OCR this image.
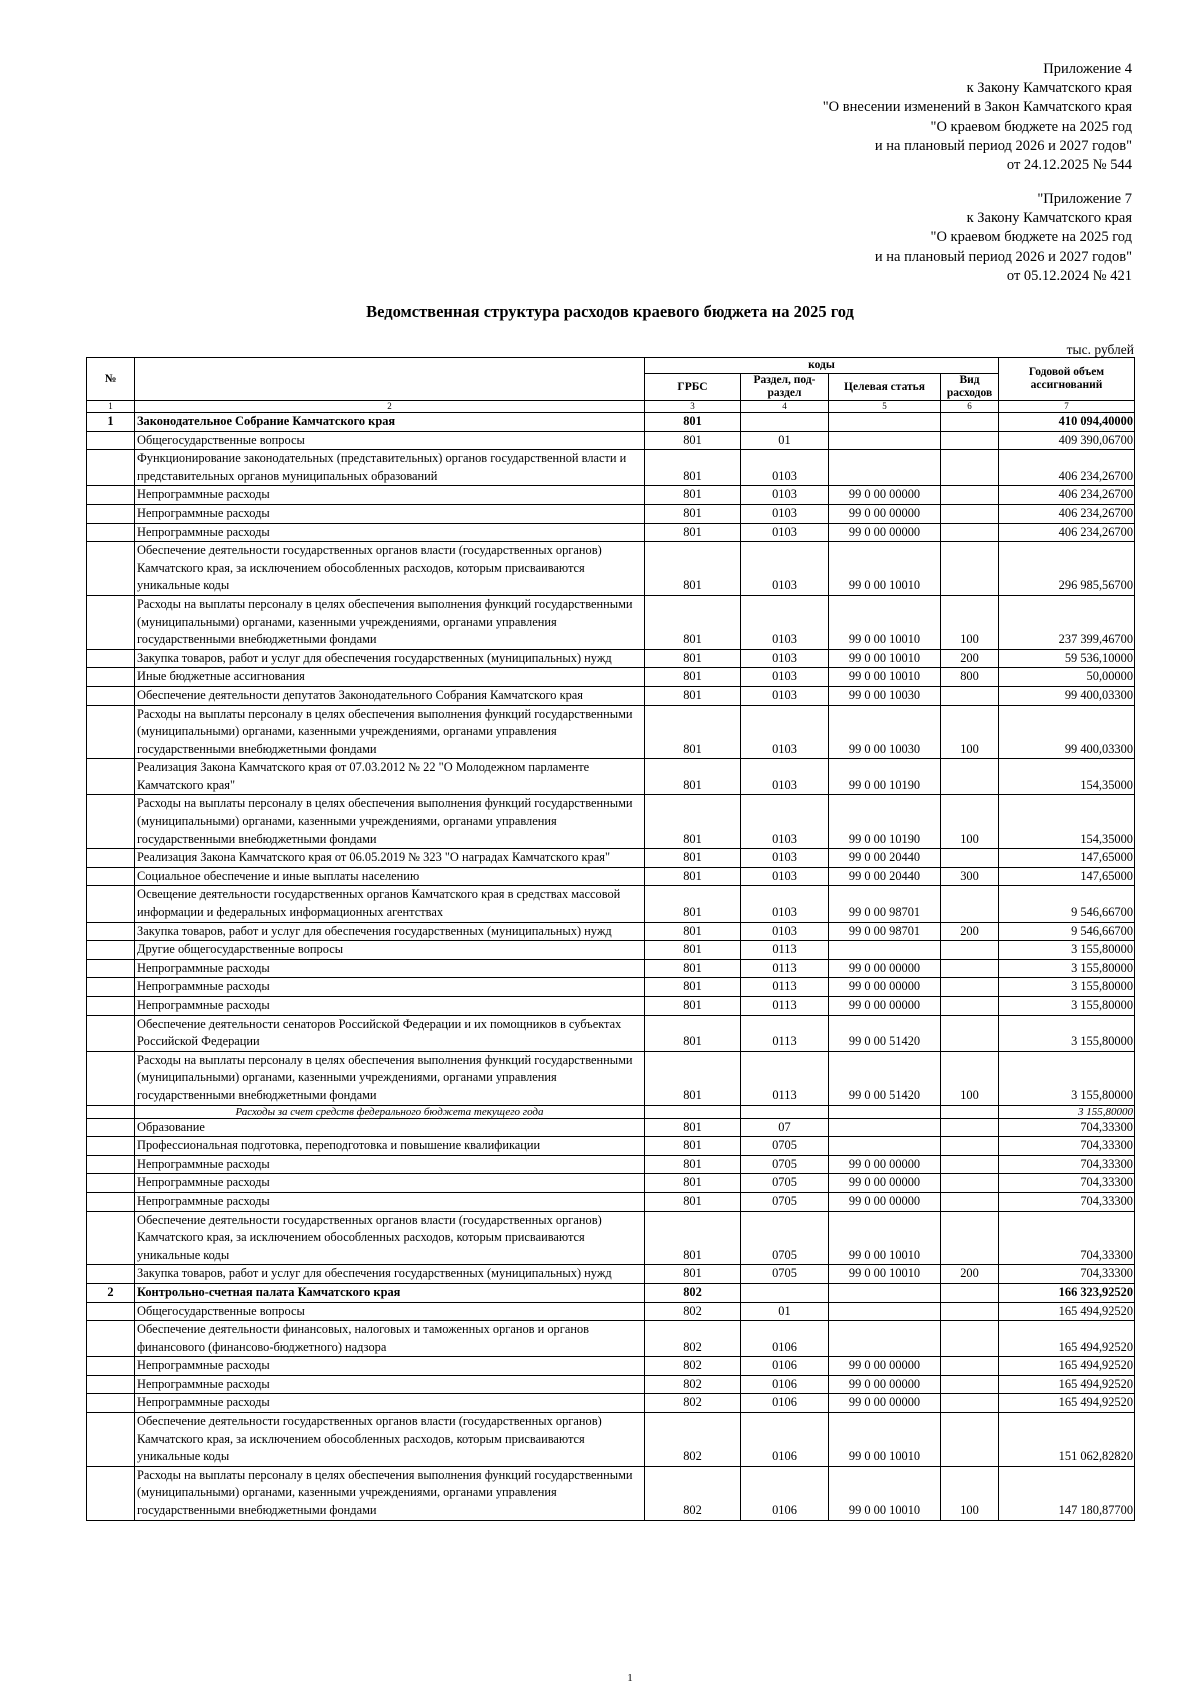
Приложение 4
к Закону Камчатского края
"О внесении изменений в Закон Камчатского края
"О краевом бюджете на 2025 год
и на плановый период 2026 и 2027 годов"
от 24.12.2025 № 544
"Приложение 7
к Закону Камчатского края
"О краевом бюджете на 2025 год
и на плановый период 2026 и 2027 годов"
от 05.12.2024 № 421
Ведомственная структура расходов краевого бюджета на 2025 год
тыс. рублей
№		коды				Годовой объем ассигнований
		ГРБС	Раздел, под-раздел	Целевая статья	Вид расходов	
1	2	3	4	5	6	7
1	Законодательное Собрание Камчатского края	801				410 094,40000
	Общегосударственные вопросы	801	01			409 390,06700
	Функционирование законодательных (представительных) органов государственной власти и представительных органов муниципальных образований	801	0103			406 234,26700
	Непрограммные расходы	801	0103	99 0 00 00000		406 234,26700
	Непрограммные расходы	801	0103	99 0 00 00000		406 234,26700
	Непрограммные расходы	801	0103	99 0 00 00000		406 234,26700
	Обеспечение деятельности государственных органов власти (государственных органов) Камчатского края, за исключением обособленных расходов, которым присваиваются уникальные коды	801	0103	99 0 00 10010		296 985,56700
	Расходы на выплаты персоналу в целях обеспечения выполнения функций государственными (муниципальными) органами, казенными учреждениями, органами управления государственными внебюджетными фондами	801	0103	99 0 00 10010	100	237 399,46700
	Закупка товаров, работ и услуг для обеспечения государственных (муниципальных) нужд	801	0103	99 0 00 10010	200	59 536,10000
	Иные бюджетные ассигнования	801	0103	99 0 00 10010	800	50,00000
	Обеспечение деятельности депутатов Законодательного Собрания Камчатского края	801	0103	99 0 00 10030		99 400,03300
	Расходы на выплаты персоналу в целях обеспечения выполнения функций государственными (муниципальными) органами, казенными учреждениями, органами управления государственными внебюджетными фондами	801	0103	99 0 00 10030	100	99 400,03300
	Реализация Закона Камчатского края от 07.03.2012 № 22 "О Молодежном парламенте Камчатского края"	801	0103	99 0 00 10190		154,35000
	Расходы на выплаты персоналу в целях обеспечения выполнения функций государственными (муниципальными) органами, казенными учреждениями, органами управления государственными внебюджетными фондами	801	0103	99 0 00 10190	100	154,35000
	Реализация Закона Камчатского края от 06.05.2019 № 323 "О наградах Камчатского края"	801	0103	99 0 00 20440		147,65000
	Социальное обеспечение и иные выплаты населению	801	0103	99 0 00 20440	300	147,65000
	Освещение деятельности государственных органов Камчатского края в средствах массовой информации и федеральных информационных агентствах	801	0103	99 0 00 98701		9 546,66700
	Закупка товаров, работ и услуг для обеспечения государственных (муниципальных) нужд	801	0103	99 0 00 98701	200	9 546,66700
	Другие общегосударственные вопросы	801	0113			3 155,80000
	Непрограммные расходы	801	0113	99 0 00 00000		3 155,80000
	Непрограммные расходы	801	0113	99 0 00 00000		3 155,80000
	Непрограммные расходы	801	0113	99 0 00 00000		3 155,80000
	Обеспечение деятельности сенаторов Российской Федерации и их помощников в субъектах Российской Федерации	801	0113	99 0 00 51420		3 155,80000
	Расходы на выплаты персоналу в целях обеспечения выполнения функций государственными (муниципальными) органами, казенными учреждениями, органами управления государственными внебюджетными фондами	801	0113	99 0 00 51420	100	3 155,80000
	Расходы за счет средств федерального бюджета текущего года					3 155,80000
	Образование	801	07			704,33300
	Профессиональная подготовка, переподготовка и повышение квалификации	801	0705			704,33300
	Непрограммные расходы	801	0705	99 0 00 00000		704,33300
	Непрограммные расходы	801	0705	99 0 00 00000		704,33300
	Непрограммные расходы	801	0705	99 0 00 00000		704,33300
	Обеспечение деятельности государственных органов власти (государственных органов) Камчатского края, за исключением обособленных расходов, которым присваиваются уникальные коды	801	0705	99 0 00 10010		704,33300
	Закупка товаров, работ и услуг для обеспечения государственных (муниципальных) нужд	801	0705	99 0 00 10010	200	704,33300
2	Контрольно-счетная палата Камчатского края	802				166 323,92520
	Общегосударственные вопросы	802	01			165 494,92520
	Обеспечение деятельности финансовых, налоговых и таможенных органов и органов финансового (финансово-бюджетного) надзора	802	0106			165 494,92520
	Непрограммные расходы	802	0106	99 0 00 00000		165 494,92520
	Непрограммные расходы	802	0106	99 0 00 00000		165 494,92520
	Непрограммные расходы	802	0106	99 0 00 00000		165 494,92520
	Обеспечение деятельности государственных органов власти (государственных органов) Камчатского края, за исключением обособленных расходов, которым присваиваются уникальные коды	802	0106	99 0 00 10010		151 062,82820
	Расходы на выплаты персоналу в целях обеспечения выполнения функций государственными (муниципальными) органами, казенными учреждениями, органами управления государственными внебюджетными фондами	802	0106	99 0 00 10010	100	147 180,87700
1
